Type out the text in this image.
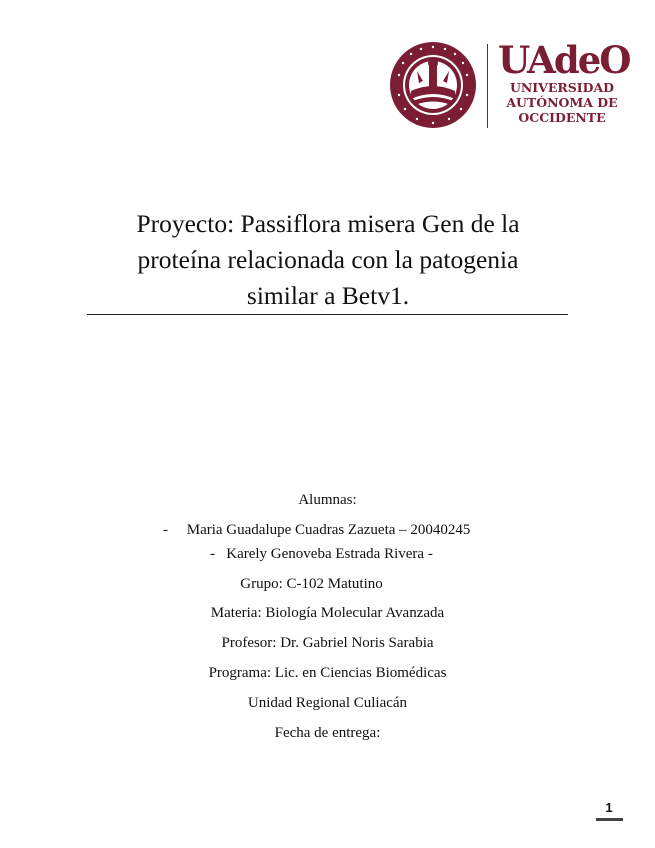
UAdeO

UNIVERSIDAD

AUTÓNOMA DE

OCCIDENTE

Proyecto: Passiflora misera Gen de la
proteína relacionada con la patogenia
similar a Betv1.
Alumnas:
-     Maria Guadalupe Cuadras Zazueta – 20040245
-   Karely Genoveba Estrada Rivera -
Grupo: C-102 Matutino
Materia: Biología Molecular Avanzada
Profesor: Dr. Gabriel Noris Sarabia
Programa: Lic. en Ciencias Biomédicas
Unidad Regional Culiacán
Fecha de entrega:
1
